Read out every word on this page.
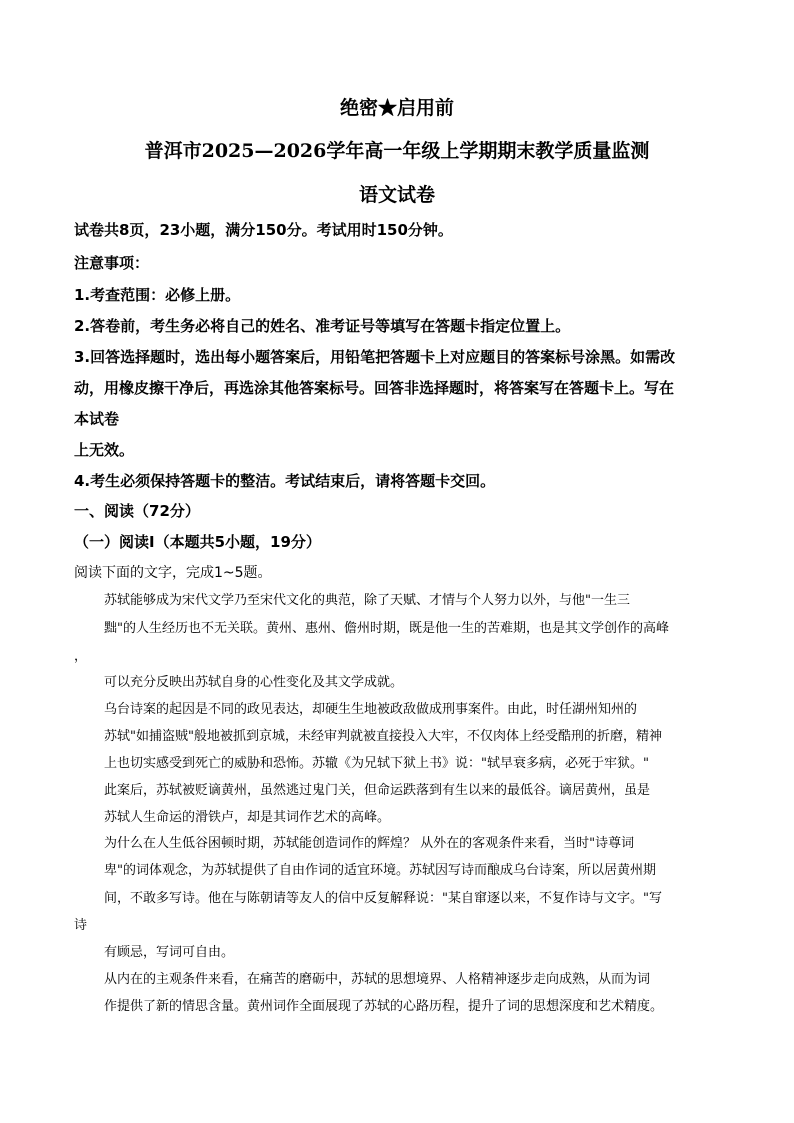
绝密★启用前

普洱市2025—2026学年高一年级上学期期末教学质量监测

语文试卷

试卷共8页，23小题，满分150分。考试用时150分钟。

注意事项：

1.考查范围：必修上册。

2.答卷前，考生务必将自己的姓名、准考证号等填写在答题卡指定位置上。

3.回答选择题时，选出每小题答案后，用铅笔把答题卡上对应题目的答案标号涂黑。如需改

动，用橡皮擦干净后，再选涂其他答案标号。回答非选择题时，将答案写在答题卡上。写在

本试卷

上无效。

4.考生必须保持答题卡的整洁。考试结束后，请将答题卡交回。

一、阅读（72分）

（一）阅读Ⅰ（本题共5小题，19分）

阅读下面的文字，完成1~5题。

苏轼能够成为宋代文学乃至宋代文化的典范，除了天赋、才情与个人努力以外，与他"一生三

黜"的人生经历也不无关联。黄州、惠州、儋州时期，既是他一生的苦难期，也是其文学创作的高峰

，

可以充分反映出苏轼自身的心性变化及其文学成就。

乌台诗案的起因是不同的政见表达，却硬生生地被政敌做成刑事案件。由此，时任湖州知州的

苏轼"如捕盗贼"般地被抓到京城，未经审判就被直接投入大牢，不仅肉体上经受酷刑的折磨，精神

上也切实感受到死亡的威胁和恐怖。苏辙《为兄轼下狱上书》说："轼早衰多病，必死于牢狱。"

此案后，苏轼被贬谪黄州，虽然逃过鬼门关，但命运跌落到有生以来的最低谷。谪居黄州，虽是

苏轼人生命运的滑铁卢，却是其词作艺术的高峰。

为什么在人生低谷困顿时期，苏轼能创造词作的辉煌？ 从外在的客观条件来看，当时"诗尊词

卑"的词体观念，为苏轼提供了自由作词的适宜环境。苏轼因写诗而酿成乌台诗案，所以居黄州期

间，不敢多写诗。他在与陈朝请等友人的信中反复解释说："某自窜逐以来，不复作诗与文字。"写

诗

有顾忌，写词可自由。

从内在的主观条件来看，在痛苦的磨砺中，苏轼的思想境界、人格精神逐步走向成熟，从而为词

作提供了新的情思含量。黄州词作全面展现了苏轼的心路历程，提升了词的思想深度和艺术精度。
